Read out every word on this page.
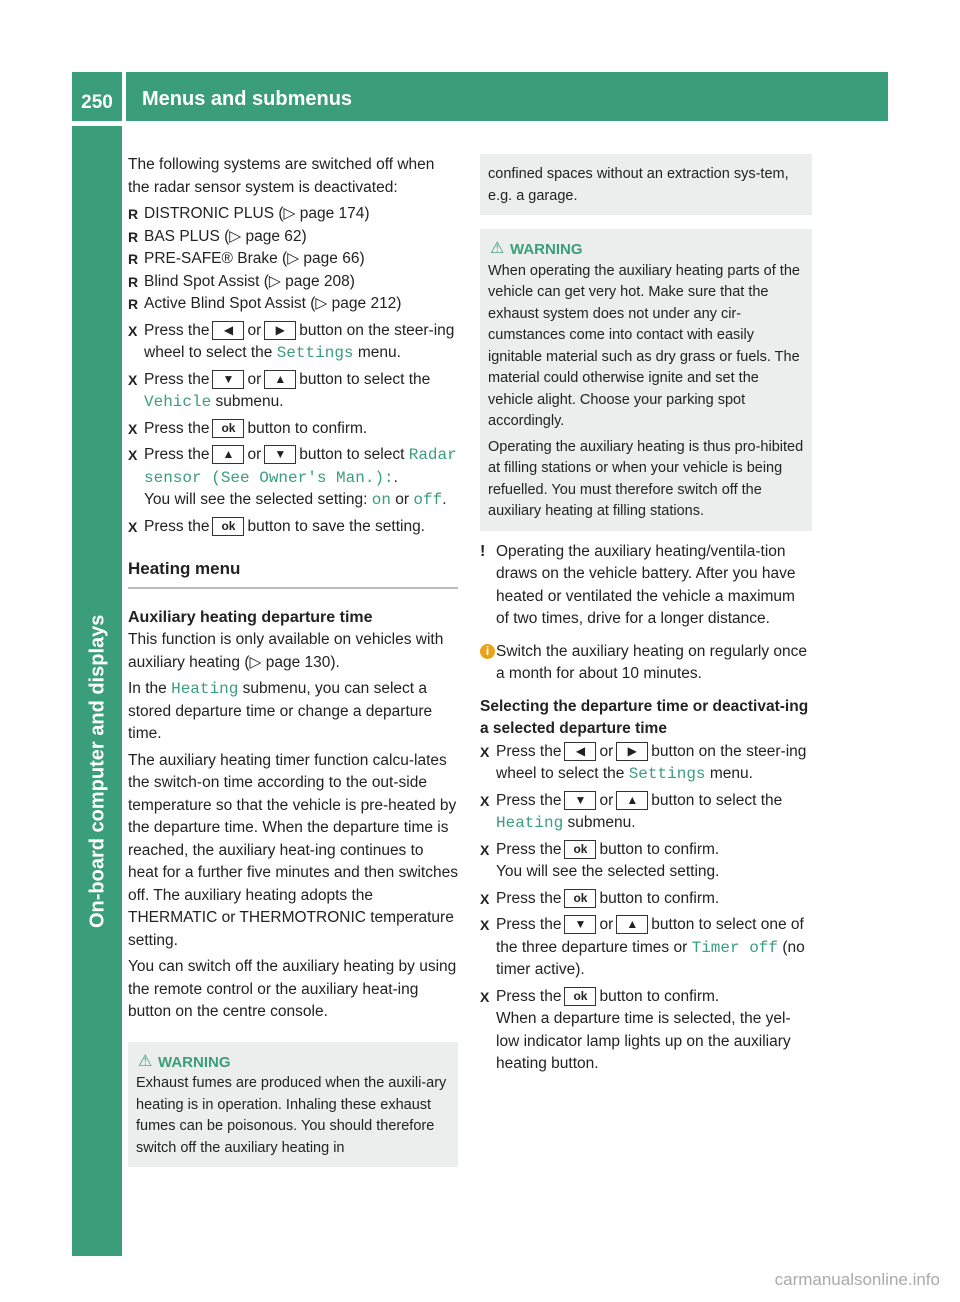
250	Menus and submenus
On-board computer and displays

The following systems are switched off when the radar sensor system is deactivated:

R DISTRONIC PLUS (▷ page 174)
R BAS PLUS (▷ page 62)
R PRE-SAFE® Brake (▷ page 66)
R Blind Spot Assist (▷ page 208)
R Active Blind Spot Assist (▷ page 212)
X Press the ◀ or ▶ button on the steer-ing wheel to select the Settings menu.
X Press the ▼ or ▲ button to select the Vehicle submenu.
X Press the ok button to confirm.
X Press the ▲ or ▼ button to select Radar sensor (See Owner's Man.):.
You will see the selected setting: on or off.
X Press the ok button to save the setting.
Heating menu
Auxiliary heating departure time

This function is only available on vehicles with auxiliary heating (▷ page 130).

In the Heating submenu, you can select a stored departure time or change a departure time.

The auxiliary heating timer function calcu-lates the switch-on time according to the out-side temperature so that the vehicle is pre-heated by the departure time. When the departure time is reached, the auxiliary heat-ing continues to heat for a further five minutes and then switches off. The auxiliary heating adopts the THERMATIC or THERMOTRONIC temperature setting.

You can switch off the auxiliary heating by using the remote control or the auxiliary heat-ing button on the centre console.

⚠ WARNING
Exhaust fumes are produced when the auxili-ary heating is in operation. Inhaling these exhaust fumes can be poisonous. You should therefore switch off the auxiliary heating in
confined spaces without an extraction sys-tem, e.g. a garage.
⚠ WARNING
When operating the auxiliary heating parts of the vehicle can get very hot. Make sure that the exhaust system does not under any cir-cumstances come into contact with easily ignitable material such as dry grass or fuels. The material could otherwise ignite and set the vehicle alight. Choose your parking spot accordingly.
Operating the auxiliary heating is thus pro-hibited at filling stations or when your vehicle is being refuelled. You must therefore switch off the auxiliary heating at filling stations.
! Operating the auxiliary heating/ventila-tion draws on the vehicle battery. After you have heated or ventilated the vehicle a maximum of two times, drive for a longer distance.
i Switch the auxiliary heating on regularly once a month for about 10 minutes.
Selecting the departure time or deactivat-ing a selected departure time
X Press the ◀ or ▶ button on the steer-ing wheel to select the Settings menu.
X Press the ▼ or ▲ button to select the Heating submenu.
X Press the ok button to confirm.
You will see the selected setting.
X Press the ok button to confirm.
X Press the ▼ or ▲ button to select one of the three departure times or Timer off (no timer active).
X Press the ok button to confirm.
When a departure time is selected, the yel-low indicator lamp lights up on the auxiliary heating button.
carmanualsonline.info
